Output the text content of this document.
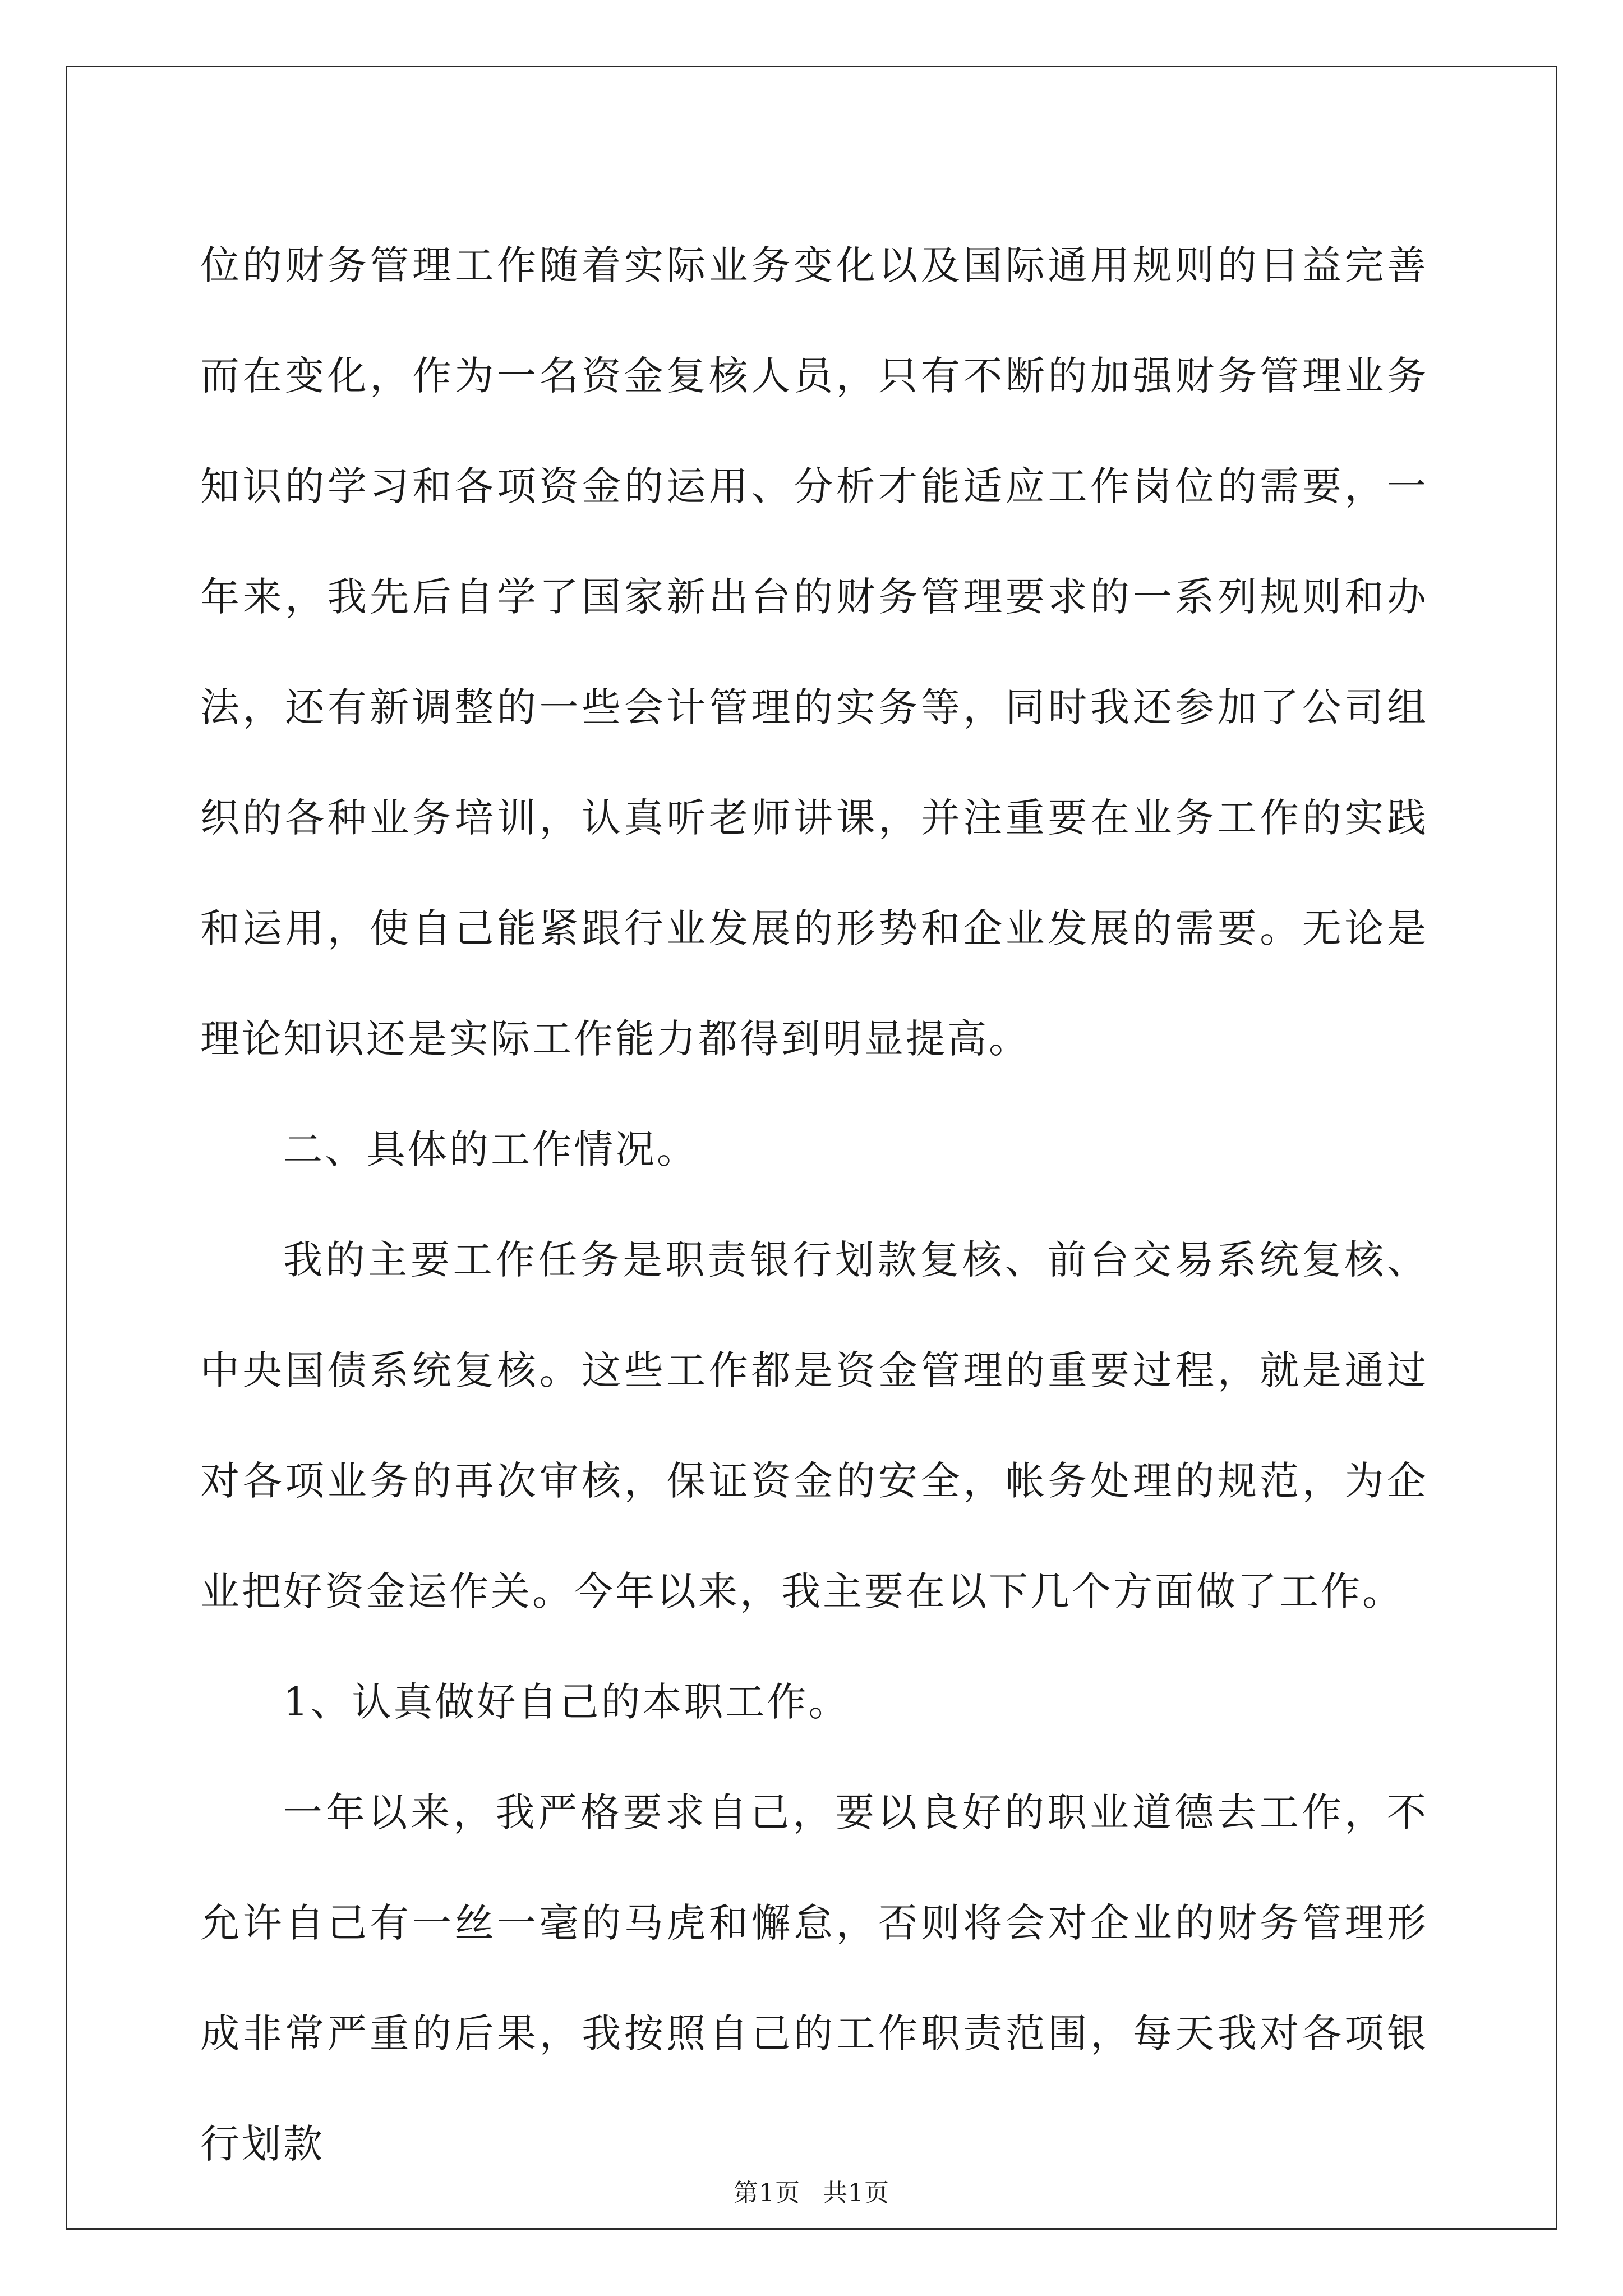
位的财务管理工作随着实际业务变化以及国际通用规则的日益完善而在变化，作为一名资金复核人员，只有不断的加强财务管理业务知识的学习和各项资金的运用、分析才能适应工作岗位的需要，一年来，我先后自学了国家新出台的财务管理要求的一系列规则和办法，还有新调整的一些会计管理的实务等，同时我还参加了公司组织的各种业务培训，认真听老师讲课，并注重要在业务工作的实践和运用，使自己能紧跟行业发展的形势和企业发展的需要。无论是理论知识还是实际工作能力都得到明显提高。

二、具体的工作情况。

我的主要工作任务是职责银行划款复核、前台交易系统复核、中央国债系统复核。这些工作都是资金管理的重要过程，就是通过对各项业务的再次审核，保证资金的安全，帐务处理的规范，为企业把好资金运作关。今年以来，我主要在以下几个方面做了工作。

1、认真做好自己的本职工作。

一年以来，我严格要求自己，要以良好的职业道德去工作，不允许自己有一丝一毫的马虎和懈怠，否则将会对企业的财务管理形成非常严重的后果，我按照自己的工作职责范围，每天我对各项银行划款

第1页 共1页
